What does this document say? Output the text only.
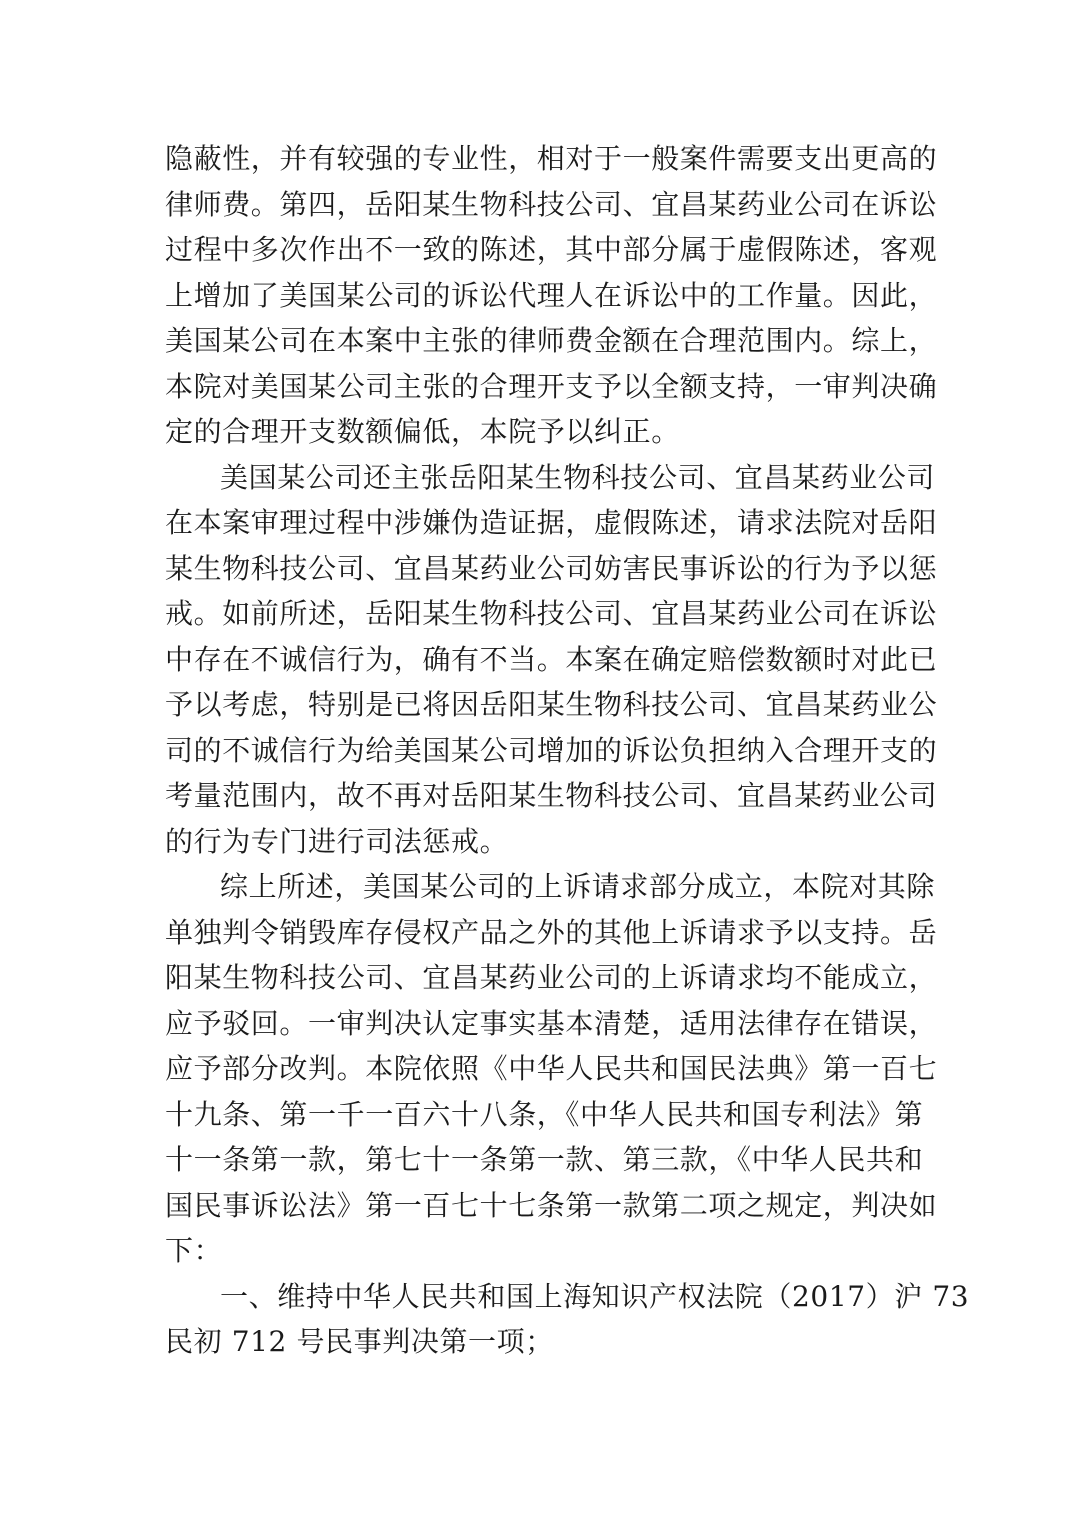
隐蔽性，并有较强的专业性，相对于一般案件需要支出更高的
律师费。第四，岳阳某生物科技公司、宜昌某药业公司在诉讼
过程中多次作出不一致的陈述，其中部分属于虚假陈述，客观
上增加了美国某公司的诉讼代理人在诉讼中的工作量。因此，
美国某公司在本案中主张的律师费金额在合理范围内。综上，
本院对美国某公司主张的合理开支予以全额支持，一审判决确
定的合理开支数额偏低，本院予以纠正。
美国某公司还主张岳阳某生物科技公司、宜昌某药业公司
在本案审理过程中涉嫌伪造证据，虚假陈述，请求法院对岳阳
某生物科技公司、宜昌某药业公司妨害民事诉讼的行为予以惩
戒。如前所述，岳阳某生物科技公司、宜昌某药业公司在诉讼
中存在不诚信行为，确有不当。本案在确定赔偿数额时对此已
予以考虑，特别是已将因岳阳某生物科技公司、宜昌某药业公
司的不诚信行为给美国某公司增加的诉讼负担纳入合理开支的
考量范围内，故不再对岳阳某生物科技公司、宜昌某药业公司
的行为专门进行司法惩戒。
综上所述，美国某公司的上诉请求部分成立，本院对其除
单独判令销毁库存侵权产品之外的其他上诉请求予以支持。岳
阳某生物科技公司、宜昌某药业公司的上诉请求均不能成立，
应予驳回。一审判决认定事实基本清楚，适用法律存在错误，
应予部分改判。本院依照《中华人民共和国民法典》第一百七
十九条、第一千一百六十八条，《中华人民共和国专利法》第
十一条第一款，第七十一条第一款、第三款，《中华人民共和
国民事诉讼法》第一百七十七条第一款第二项之规定，判决如
下：
一、维持中华人民共和国上海知识产权法院（2017）沪 73
民初 712 号民事判决第一项；
